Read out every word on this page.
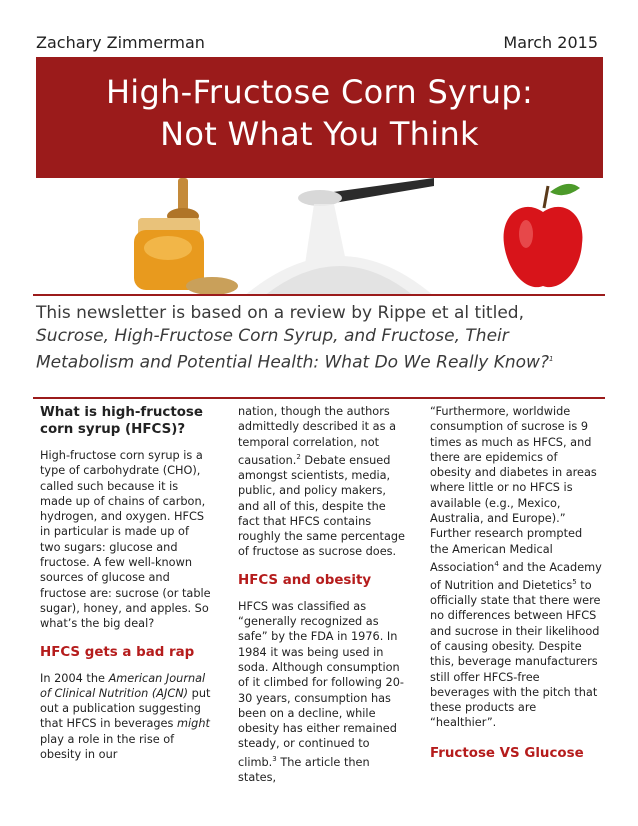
Zachary Zimmerman	March 2015
High-Fructose Corn Syrup:
Not What You Think
This newsletter is based on a review by Rippe et al titled, Sucrose, High-Fructose Corn Syrup, and Fructose, Their Metabolism and Potential Health: What Do We Really Know?$^1$
What is high-fructose corn syrup (HFCS)?

High-fructose corn syrup is a type of carbohydrate (CHO), called such because it is made up of chains of carbon, hydrogen, and oxygen. HFCS in particular is made up of two sugars: glucose and fructose. A few well-known sources of glucose and fructose are: sucrose (or table sugar), honey, and apples. So what’s the big deal?

HFCS gets a bad rap

In 2004 the American Journal of Clinical Nutrition (AJCN) put out a publication suggesting that HFCS in beverages might play a role in the rise of obesity in our

nation, though the authors admittedly described it as a temporal correlation, not causation.$^2$ Debate ensued amongst scientists, media, public, and policy makers, and all of this, despite the fact that HFCS contains roughly the same percentage of fructose as sucrose does.

HFCS and obesity

HFCS was classified as “generally recognized as safe” by the FDA in 1976. In 1984 it was being used in soda. Although consumption of it climbed for following 20-30 years, consumption has been on a decline, while obesity has either remained steady, or continued to climb.$^3$ The article then states,

“Furthermore, worldwide consumption of sucrose is 9 times as much as HFCS, and there are epidemics of obesity and diabetes in areas where little or no HFCS is available (e.g., Mexico, Australia, and Europe).” Further research prompted the American Medical Association$^4$ and the Academy of Nutrition and Dietetics$^5$ to officially state that there were no differences between HFCS and sucrose in their likelihood of causing obesity. Despite this, beverage manufacturers still offer HFCS-free beverages with the pitch that these products are “healthier”.

Fructose VS Glucose
